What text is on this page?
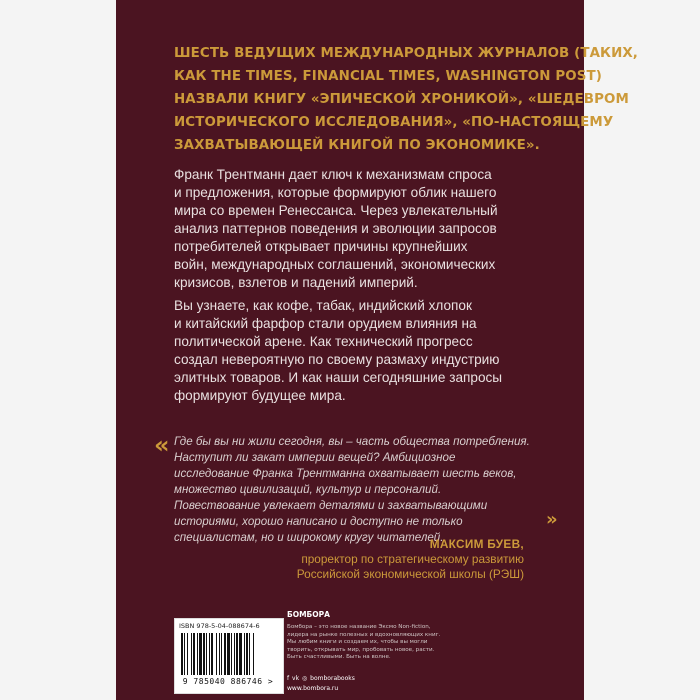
ШЕСТЬ ВЕДУЩИХ МЕЖДУНАРОДНЫХ ЖУРНАЛОВ (ТАКИХ,
КАК THE TIMES, FINANCIAL TIMES, WASHINGTON POST)
НАЗВАЛИ КНИГУ «ЭПИЧЕСКОЙ ХРОНИКОЙ», «ШЕДЕВРОМ
ИСТОРИЧЕСКОГО ИССЛЕДОВАНИЯ», «ПО-НАСТОЯЩЕМУ
ЗАХВАТЫВАЮЩЕЙ КНИГОЙ ПО ЭКОНОМИКЕ».
Франк Трентманн дает ключ к механизмам спроса
и предложения, которые формируют облик нашего
мира со времен Ренессанса. Через увлекательный
анализ паттернов поведения и эволюции запросов
потребителей открывает причины крупнейших
войн, международных соглашений, экономических
кризисов, взлетов и падений империй.
Вы узнаете, как кофе, табак, индийский хлопок
и китайский фарфор стали орудием влияния на
политической арене. Как технический прогресс
создал невероятную по своему размаху индустрию
элитных товаров. И как наши сегодняшние запросы
формируют будущее мира.
« Где бы вы ни жили сегодня, вы – часть общества потребления.
Наступит ли закат империи вещей? Амбициозное
исследование Франка Трентманна охватывает шесть веков,
множество цивилизаций, культур и персоналий.
Повествование увлекает деталями и захватывающими
историями, хорошо написано и доступно не только
специалистам, но и широкому кругу читателей.
»
МАКСИМ БУЕВ,
проректор по стратегическому развитию
Российской экономической школы (РЭШ)
ISBN 978-5-04-088674-6
9 785040 886746 >
БОМБОРА
Бомбора – это новое название Эксмо Non-fiction,
лидера на рынке полезных и вдохновляющих книг.
Мы любим книги и создаем их, чтобы вы могли
творить, открывать мир, пробовать новое, расти.
Быть счастливыми. Быть на волне.
f vk ◎ bomborabooks
www.bombora.ru
